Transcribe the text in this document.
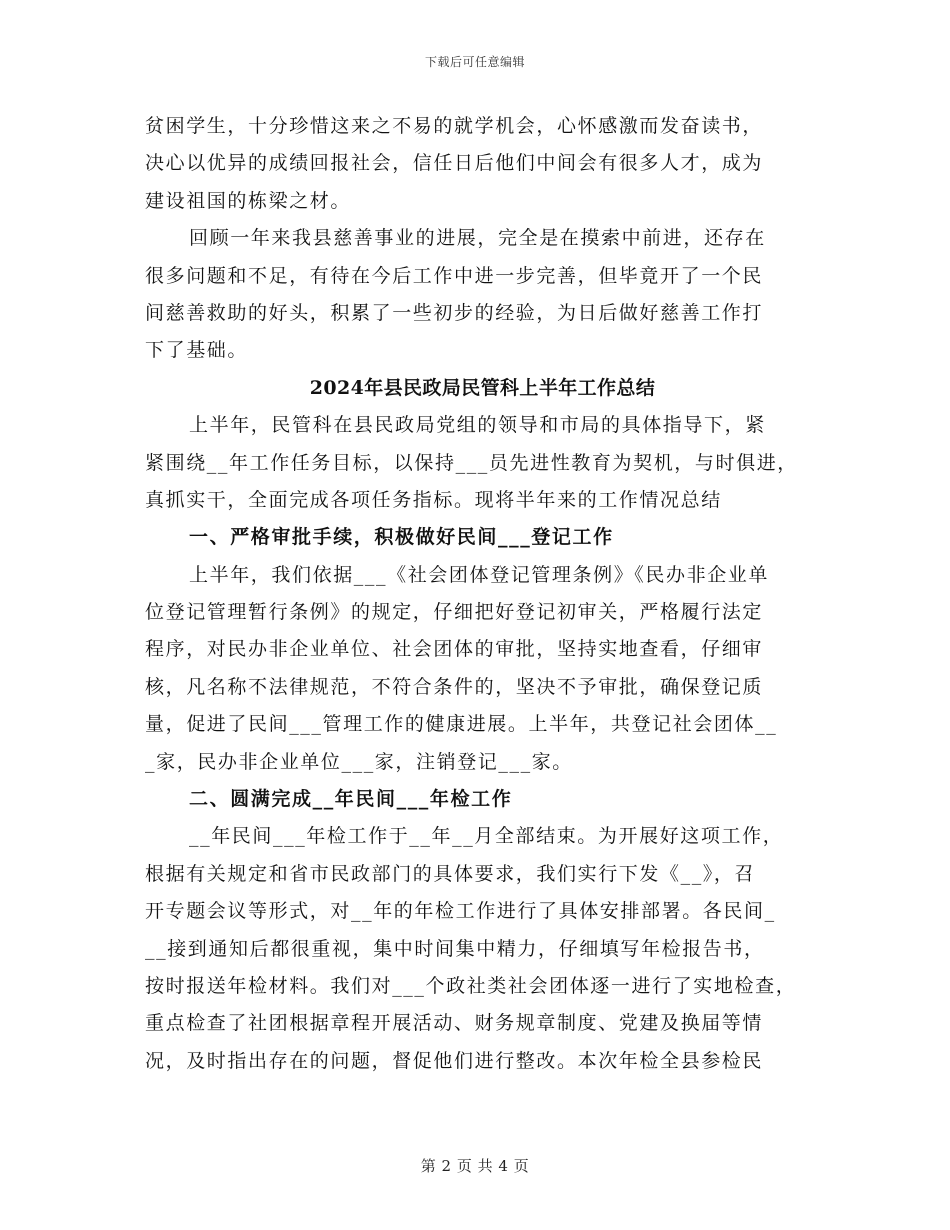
下载后可任意编辑
贫困学生，十分珍惜这来之不易的就学机会，心怀感激而发奋读书，
决心以优异的成绩回报社会，信任日后他们中间会有很多人才，成为
建设祖国的栋梁之材。
回顾一年来我县慈善事业的进展，完全是在摸索中前进，还存在
很多问题和不足，有待在今后工作中进一步完善，但毕竟开了一个民
间慈善救助的好头，积累了一些初步的经验，为日后做好慈善工作打
下了基础。
2024年县民政局民管科上半年工作总结
上半年，民管科在县民政局党组的领导和市局的具体指导下，紧
紧围绕__年工作任务目标，以保持___员先进性教育为契机，与时俱进，
真抓实干，全面完成各项任务指标。现将半年来的工作情况总结
一、严格审批手续，积极做好民间___登记工作
上半年，我们依据___《社会团体登记管理条例》《民办非企业单
位登记管理暂行条例》的规定，仔细把好登记初审关，严格履行法定
程序，对民办非企业单位、社会团体的审批，坚持实地查看，仔细审
核，凡名称不法律规范，不符合条件的，坚决不予审批，确保登记质
量，促进了民间___管理工作的健康进展。上半年，共登记社会团体__
_家，民办非企业单位___家，注销登记___家。
二、圆满完成__年民间___年检工作
__年民间___年检工作于__年__月全部结束。为开展好这项工作，
根据有关规定和省市民政部门的具体要求，我们实行下发《__》，召
开专题会议等形式，对__年的年检工作进行了具体安排部署。各民间_
__接到通知后都很重视，集中时间集中精力，仔细填写年检报告书，
按时报送年检材料。我们对___个政社类社会团体逐一进行了实地检查，
重点检查了社团根据章程开展活动、财务规章制度、党建及换届等情
况，及时指出存在的问题，督促他们进行整改。本次年检全县参检民
第 2 页 共 4 页
